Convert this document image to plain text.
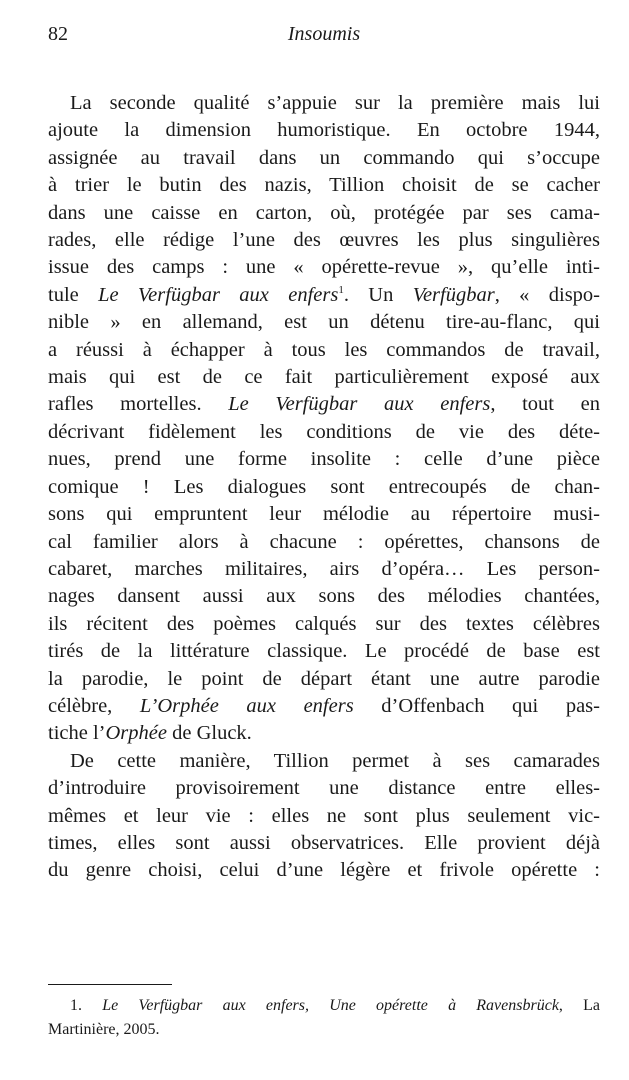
82	Insoumis

La seconde qualité s’appuie sur la première mais lui
ajoute la dimension humoristique. En octobre 1944,
assignée au travail dans un commando qui s’occupe
à trier le butin des nazis, Tillion choisit de se cacher
dans une caisse en carton, où, protégée par ses cama-
rades, elle rédige l’une des œuvres les plus singulières
issue des camps : une « opérette-revue », qu’elle inti-
tule Le Verfügbar aux enfers$^1$. Un Verfügbar, « dispo-
nible » en allemand, est un détenu tire-au-flanc, qui
a réussi à échapper à tous les commandos de travail,
mais qui est de ce fait particulièrement exposé aux
rafles mortelles. Le Verfügbar aux enfers, tout en
décrivant fidèlement les conditions de vie des déte-
nues, prend une forme insolite : celle d’une pièce
comique ! Les dialogues sont entrecoupés de chan-
sons qui empruntent leur mélodie au répertoire musi-
cal familier alors à chacune : opérettes, chansons de
cabaret, marches militaires, airs d’opéra… Les person-
nages dansent aussi aux sons des mélodies chantées,
ils récitent des poèmes calqués sur des textes célèbres
tirés de la littérature classique. Le procédé de base est
la parodie, le point de départ étant une autre parodie
célèbre, L’Orphée aux enfers d’Offenbach qui pas-
tiche l’Orphée de Gluck.

De cette manière, Tillion permet à ses camarades
d’introduire provisoirement une distance entre elles-
mêmes et leur vie : elles ne sont plus seulement vic-
times, elles sont aussi observatrices. Elle provient déjà
du genre choisi, celui d’une légère et frivole opérette :

1. Le Verfügbar aux enfers, Une opérette à Ravensbrück, La
Martinière, 2005.
